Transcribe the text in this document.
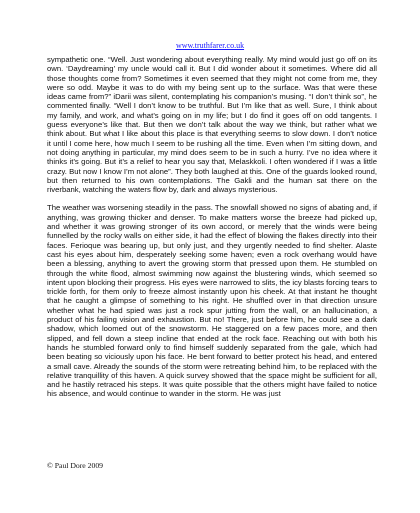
www.truthfarer.co.uk

sympathetic one. “Well. Just wondering about everything really. My mind would just go off on its own. ‘Daydreaming’ my uncle would call it. But I did wonder about it sometimes. Where did all those thoughts come from? Sometimes it even seemed that they might not come from me, they were so odd. Maybe it was to do with my being sent up to the surface. Was that were these ideas came from?” iDarii was silent, contemplating his companion’s musing. “I don’t think so”, he commented finally. “Well I don’t know to be truthful. But I’m like that as well. Sure, I think about my family, and work, and what’s going on in my life; but I do find it goes off on odd tangents. I guess everyone’s like that. But then we don’t talk about the way we think, but rather what we think about. But what I like about this place is that everything seems to slow down. I don’t notice it until I come here, how much I seem to be rushing all the time. Even when I’m sitting down, and not doing anything in particular, my mind does seem to be in such a hurry. I’ve no idea where it thinks it’s going. But it’s a relief to hear you say that, Melaskkoli. I often wondered if I was a little crazy. But now I know I’m not alone”. They both laughed at this. One of the guards looked round, but then returned to his own contemplations. The Gakli and the human sat there on the riverbank, watching the waters flow by, dark and always mysterious.

The weather was worsening steadily in the pass. The snowfall showed no signs of abating and, if anything, was growing thicker and denser. To make matters worse the breeze had picked up, and whether it was growing stronger of its own accord, or merely that the winds were being funnelled by the rocky walls on either side, it had the effect of blowing the flakes directly into their faces. Ferioque was bearing up, but only just, and they urgently needed to find shelter. Alaste cast his eyes about him, desperately seeking some haven; even a rock overhang would have been a blessing, anything to avert the growing storm that pressed upon them. He stumbled on through the white flood, almost swimming now against the blustering winds, which seemed so intent upon blocking their progress. His eyes were narrowed to slits, the icy blasts forcing tears to trickle forth, for them only to freeze almost instantly upon his cheek. At that instant he thought that he caught a glimpse of something to his right. He shuffled over in that direction unsure whether what he had spied was just a rock spur jutting from the wall, or an hallucination, a product of his failing vision and exhaustion. But no! There, just before him, he could see a dark shadow, which loomed out of the snowstorm. He staggered on a few paces more, and then slipped, and fell down a steep incline that ended at the rock face. Reaching out with both his hands he stumbled forward only to find himself suddenly separated from the gale, which had been beating so viciously upon his face. He bent forward to better protect his head, and entered a small cave. Already the sounds of the storm were retreating behind him, to be replaced with the relative tranquillity of this haven. A quick survey showed that the space might be sufficient for all, and he hastily retraced his steps. It was quite possible that the others might have failed to notice his absence, and would continue to wander in the storm. He was just

© Paul Dore 2009
